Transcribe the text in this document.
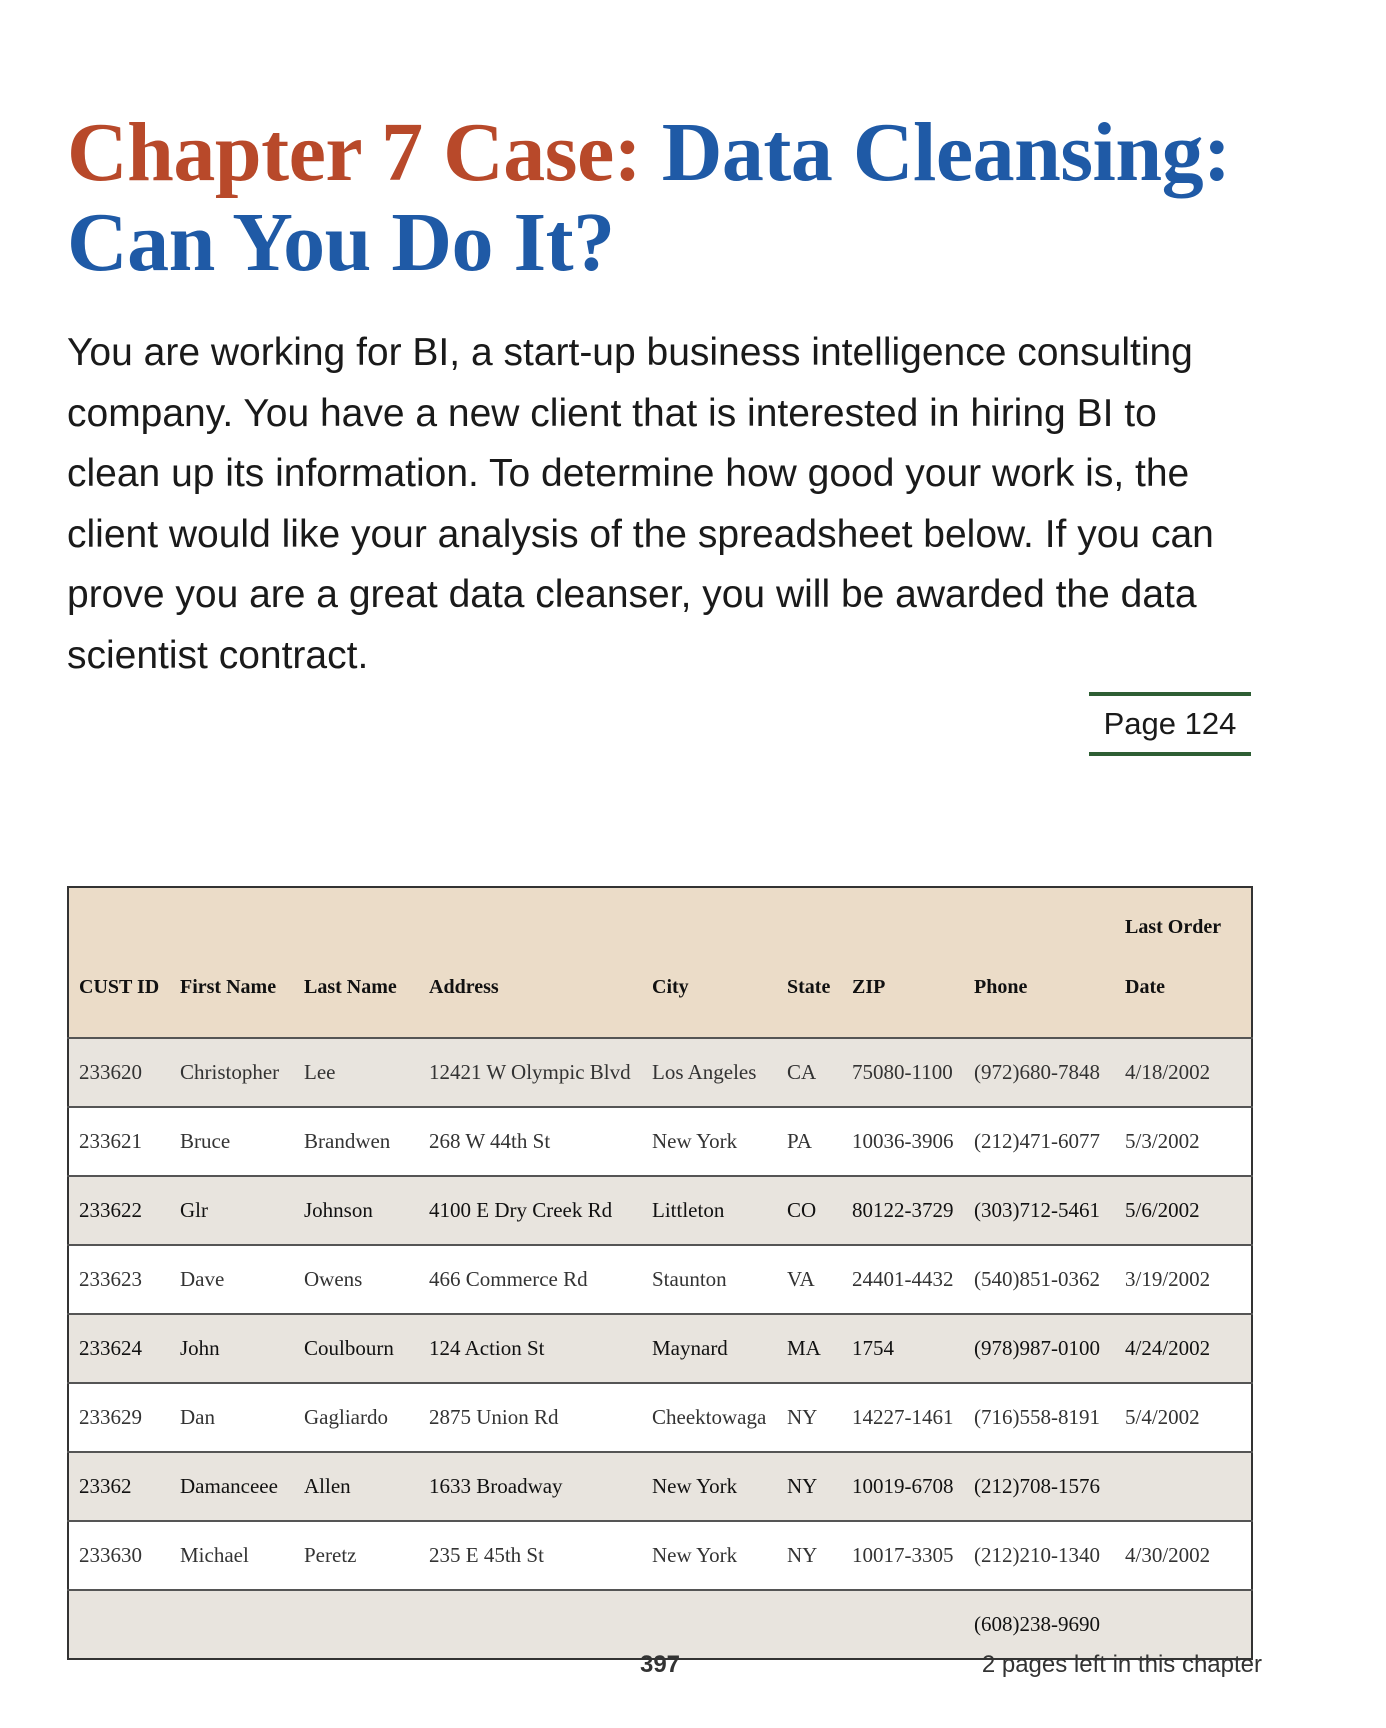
Chapter 7 Case: Data Cleansing: Can You Do It?

You are working for BI, a start-up business intelligence consulting company. You have a new client that is interested in hiring BI to clean up its information. To determine how good your work is, the client would like your analysis of the spreadsheet below. If you can prove you are a great data cleanser, you will be awarded the data scientist contract.

Page 124
CUST ID	First Name	Last Name	Address	City	State	ZIP	Phone	Last Order
Date
233620	Christopher	Lee	12421 W Olympic Blvd	Los Angeles	CA	75080-1100	(972)680-7848	4/18/2002
233621	Bruce	Brandwen	268 W 44th St	New York	PA	10036-3906	(212)471-6077	5/3/2002
233622	Glr	Johnson	4100 E Dry Creek Rd	Littleton	CO	80122-3729	(303)712-5461	5/6/2002
233623	Dave	Owens	466 Commerce Rd	Staunton	VA	24401-4432	(540)851-0362	3/19/2002
233624	John	Coulbourn	124 Action St	Maynard	MA	1754	(978)987-0100	4/24/2002
233629	Dan	Gagliardo	2875 Union Rd	Cheektowaga	NY	14227-1461	(716)558-8191	5/4/2002
23362	Damanceee	Allen	1633 Broadway	New York	NY	10019-6708	(212)708-1576	
233630	Michael	Peretz	235 E 45th St	New York	NY	10017-3305	(212)210-1340	4/30/2002
							(608)238-9690	
397	2 pages left in this chapter
